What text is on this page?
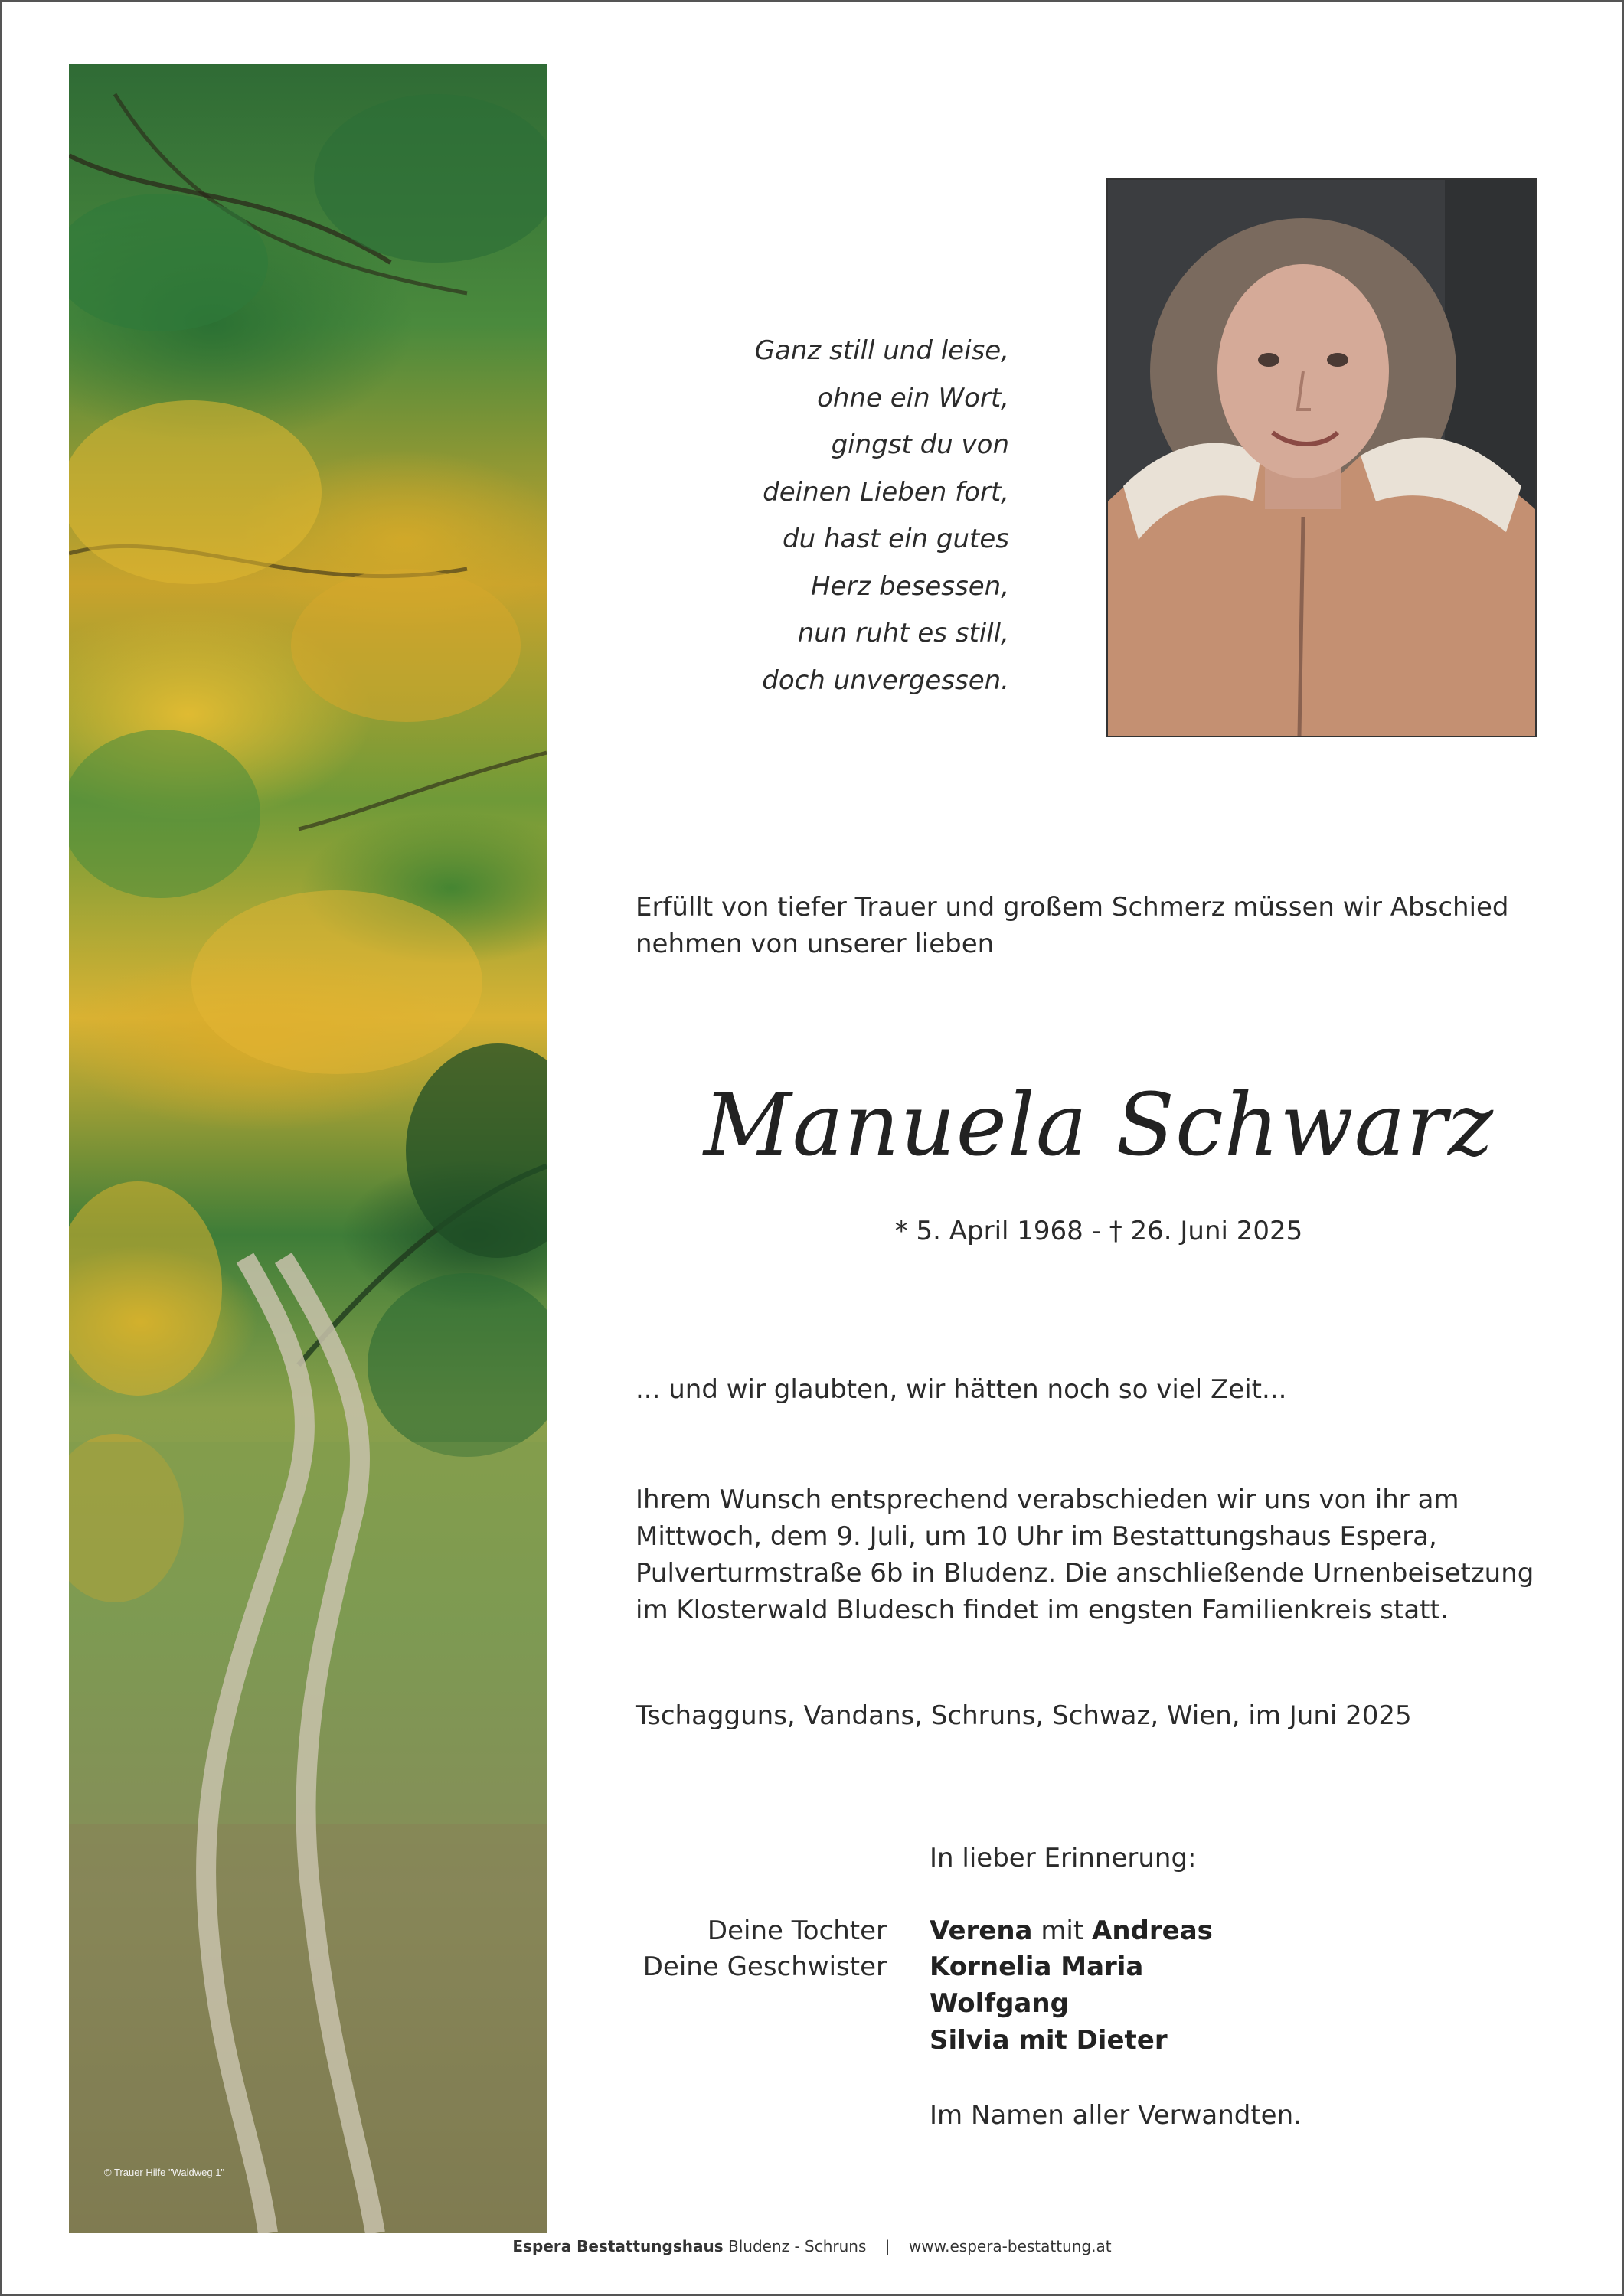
© Trauer Hilfe "Waldweg 1"
Ganz still und leise,
ohne ein Wort,
gingst du von
deinen Lieben fort,
du hast ein gutes
Herz besessen,
nun ruht es still,
doch unvergessen.
Erfüllt von tiefer Trauer und großem Schmerz müssen wir Abschied nehmen von unserer lieben
Manuela Schwarz
* 5. April 1968 - † 26. Juni 2025
... und wir glaubten, wir hätten noch so viel Zeit...
Ihrem Wunsch entsprechend verabschieden wir uns von ihr am Mittwoch, dem 9. Juli, um 10 Uhr im Bestattungshaus Espera, Pulverturmstraße 6b in Bludenz. Die anschließende Urnenbeisetzung im Klosterwald Bludesch findet im engsten Familienkreis statt.
Tschagguns, Vandans, Schruns, Schwaz, Wien, im Juni 2025
In lieber Erinnerung:
Deine Tochter
Deine Geschwister
Verena mit Andreas
Kornelia Maria
Wolfgang
Silvia mit Dieter
Im Namen aller Verwandten.
Espera Bestattungshaus Bludenz - Schruns | www.espera-bestattung.at
